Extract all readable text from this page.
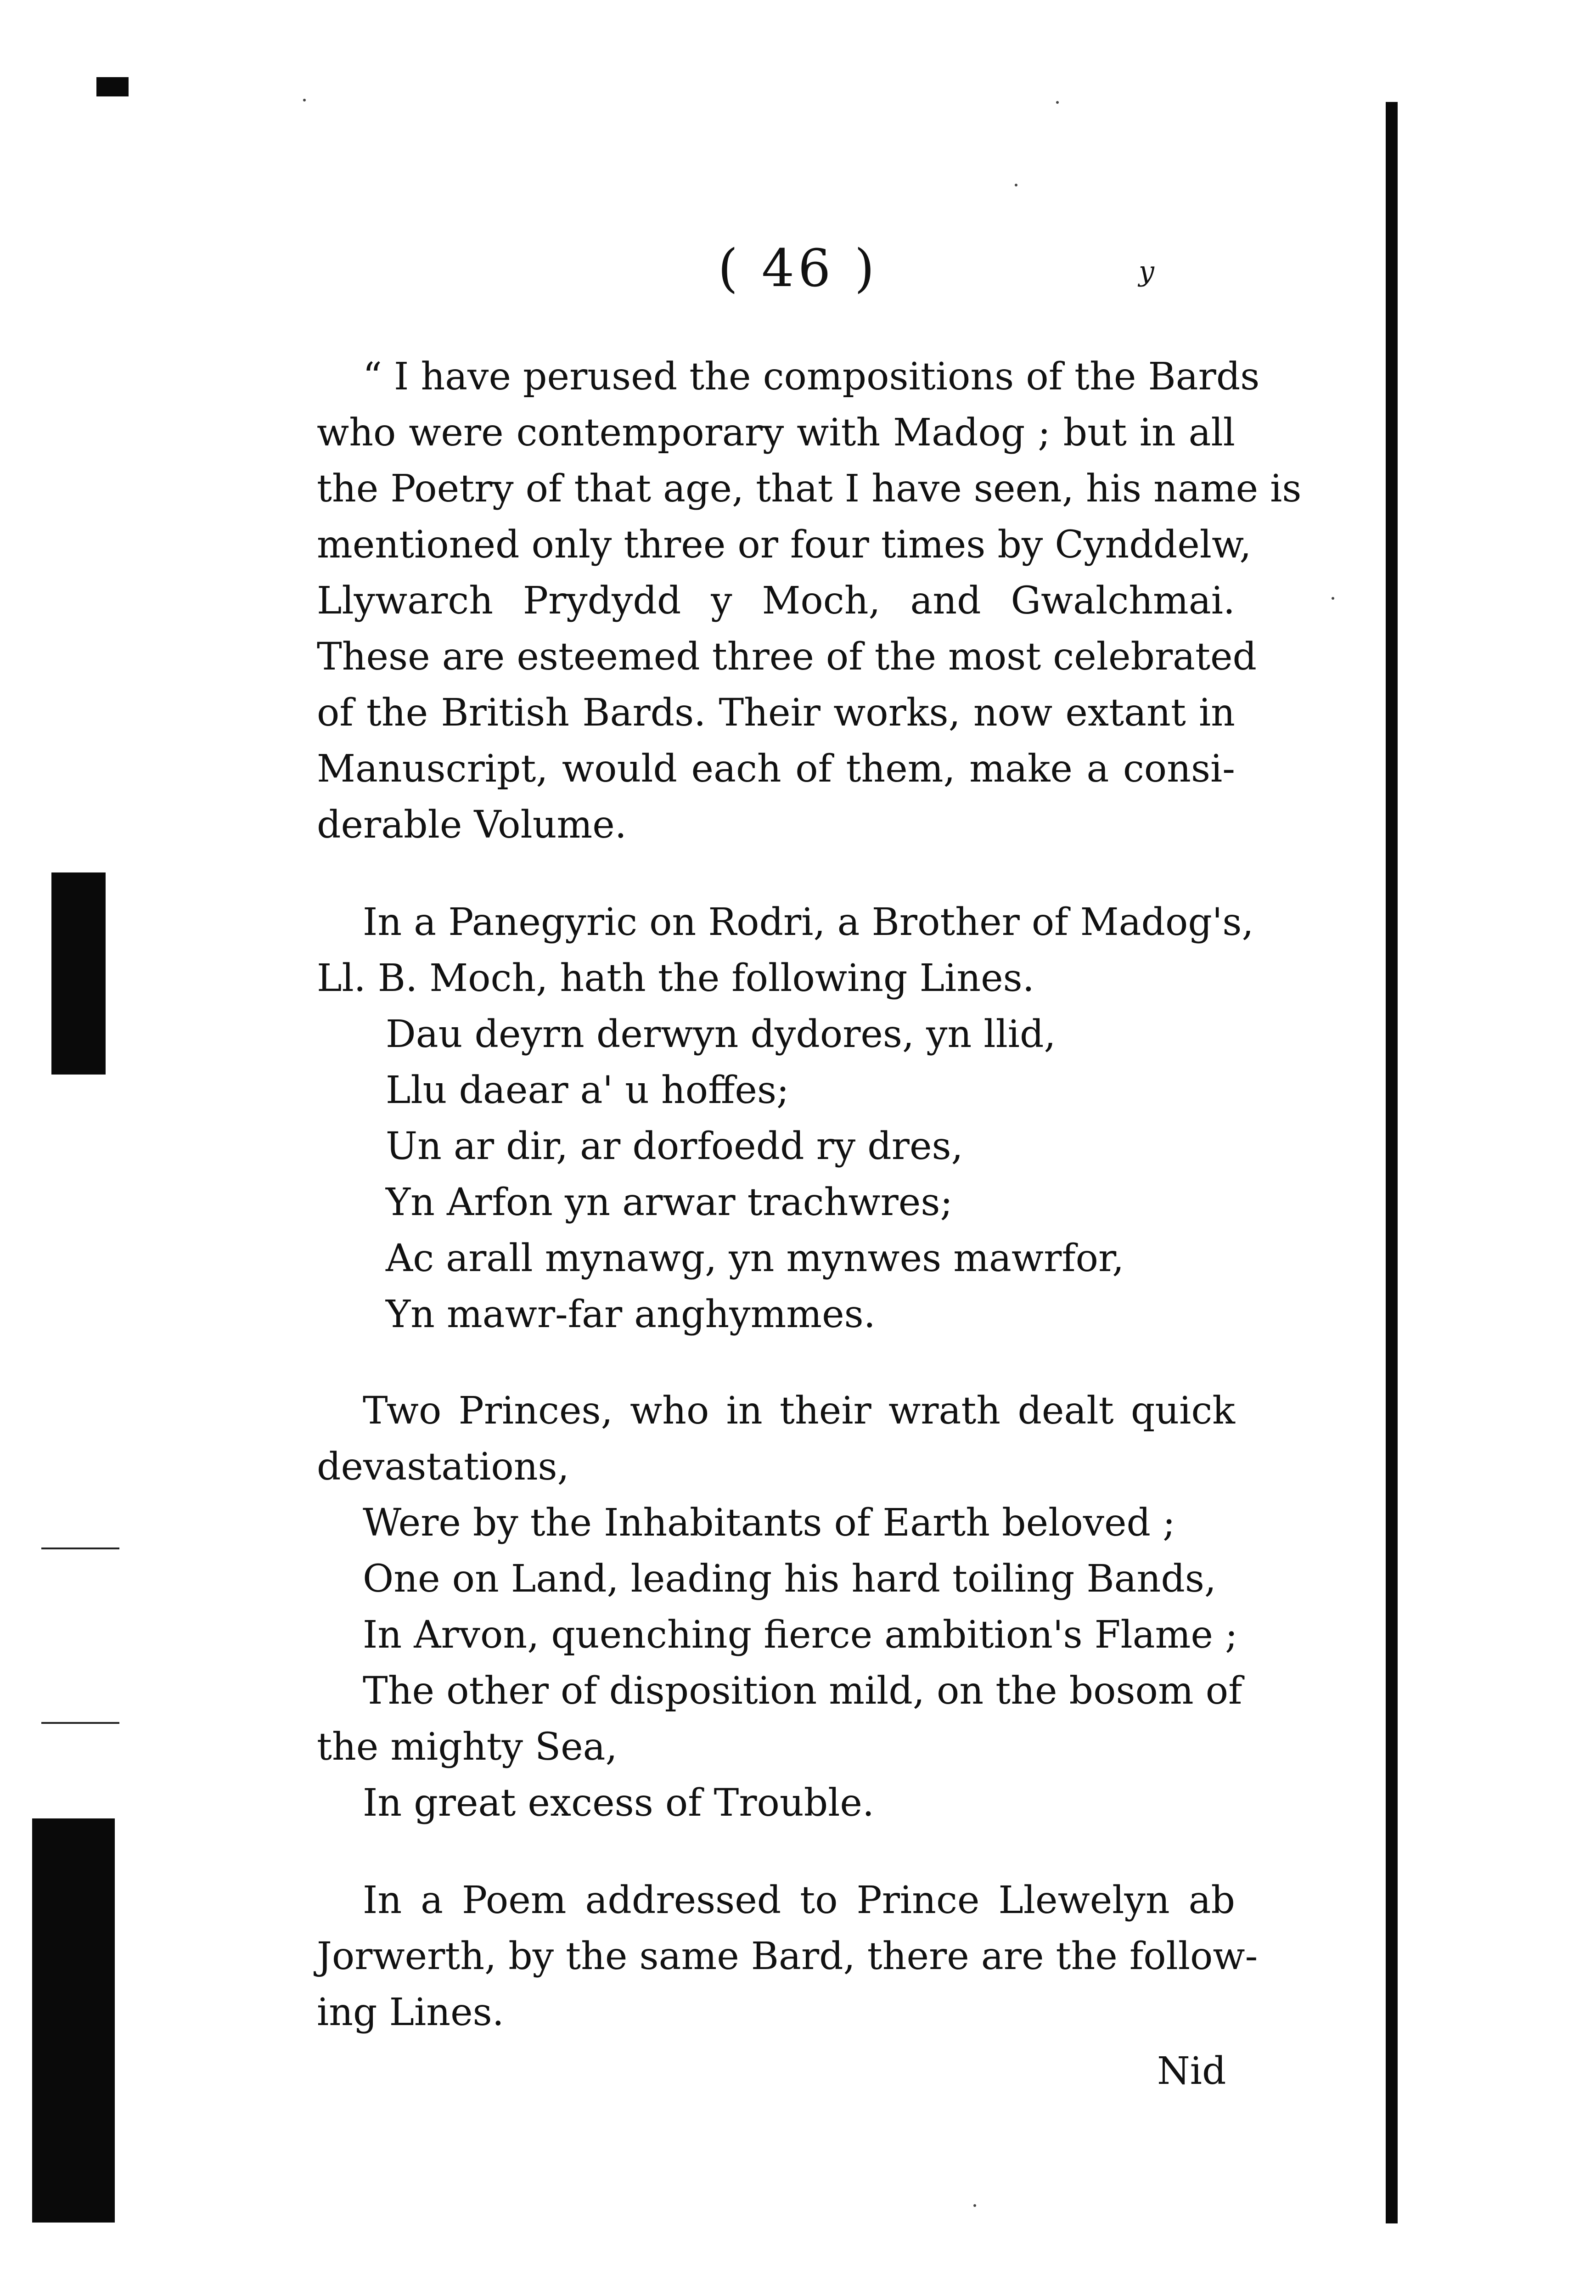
( 46 )	y
“ I have perused the compositions of the Bards
who were contemporary with Madog ; but in all
the Poetry of that age, that I have seen, his name is
mentioned only three or four times by Cynddelw,
Llywarch Prydydd y Moch, and Gwalchmai.
These are esteemed three of the most celebrated
of the British Bards. Their works, now extant in
Manuscript, would each of them, make a consi-
derable Volume.
In a Panegyric on Rodri, a Brother of Madog's,
Ll. B. Moch, hath the following Lines.
Dau deyrn derwyn dydores, yn llid,
Llu daear a' u hoffes;
Un ar dir, ar dorfoedd ry dres,
Yn Arfon yn arwar trachwres;
Ac arall mynawg, yn mynwes mawrfor,
Yn mawr-far anghymmes.
Two Princes, who in their wrath dealt quick
devastations,
Were by the Inhabitants of Earth beloved ;
One on Land, leading his hard toiling Bands,
In Arvon, quenching fierce ambition's Flame ;
The other of disposition mild, on the bosom of
the mighty Sea,
In great excess of Trouble.
In a Poem addressed to Prince Llewelyn ab
Jorwerth, by the same Bard, there are the follow-
ing Lines.
Nid
